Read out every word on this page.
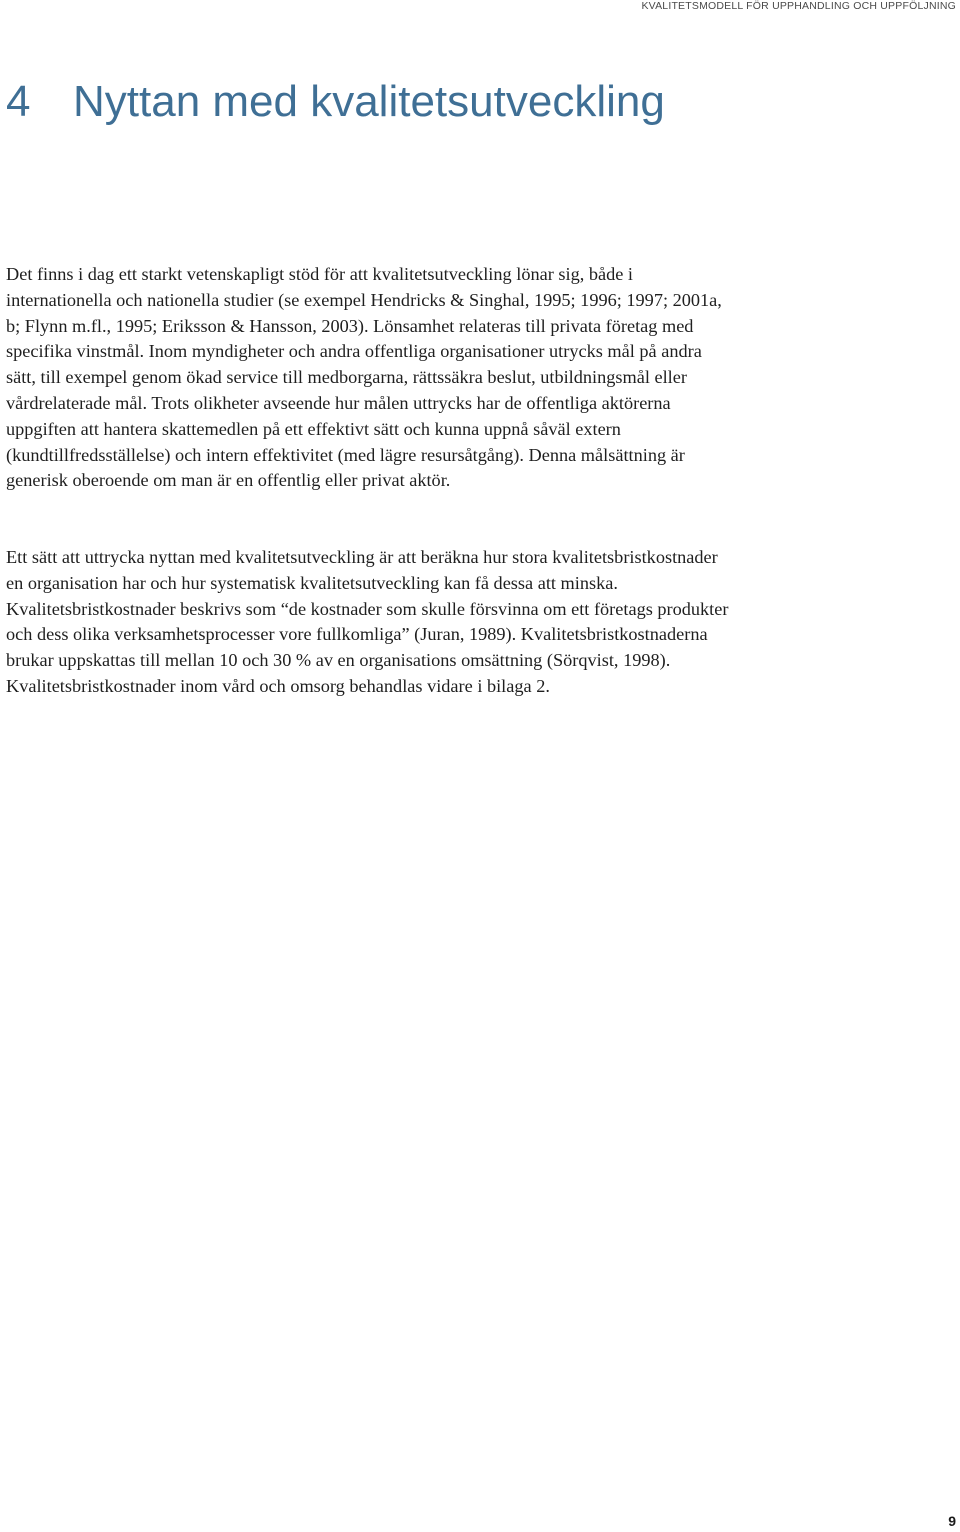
KVALITETSMODELL FÖR UPPHANDLING OCH UPPFÖLJNING
4 Nyttan med kvalitetsutveckling

Det finns i dag ett starkt vetenskapligt stöd för att kvalitetsutveckling lönar sig, både i internationella och nationella studier (se exempel Hendricks & Singhal, 1995; 1996; 1997; 2001a, b; Flynn m.fl., 1995; Eriksson & Hansson, 2003). Lönsamhet relateras till privata företag med specifika vinstmål. Inom myndigheter och andra offentliga organisationer utrycks mål på andra sätt, till exempel genom ökad service till medborgarna, rättssäkra beslut, utbildningsmål eller vårdrelaterade mål. Trots olikheter avseende hur målen uttrycks har de offentliga aktörerna uppgiften att hantera skattemedlen på ett effektivt sätt och kunna uppnå såväl extern (kundtillfredsställelse) och intern effektivitet (med lägre resursåtgång). Denna målsättning är generisk oberoende om man är en offentlig eller privat aktör.

Ett sätt att uttrycka nyttan med kvalitetsutveckling är att beräkna hur stora kvalitetsbristkostnader en organisation har och hur systematisk kvalitetsutveckling kan få dessa att minska. Kvalitetsbristkostnader beskrivs som “de kostnader som skulle försvinna om ett företags produkter och dess olika verksamhetsprocesser vore fullkomliga” (Juran, 1989). Kvalitetsbristkostnaderna brukar uppskattas till mellan 10 och 30 % av en organisations omsättning (Sörqvist, 1998). Kvalitetsbristkostnader inom vård och omsorg behandlas vidare i bilaga 2.

9
